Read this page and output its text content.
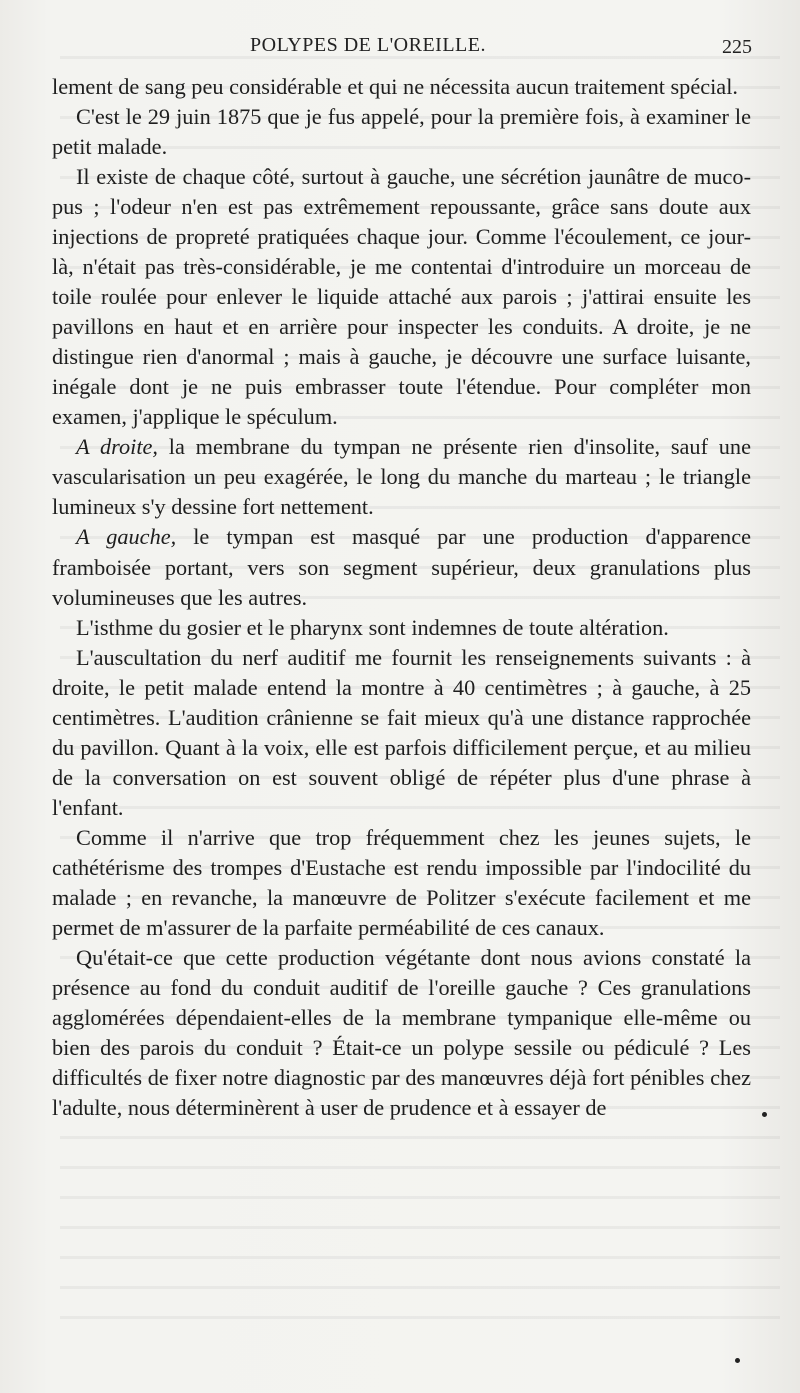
POLYPES DE L'OREILLE.	225

lement de sang peu considérable et qui ne nécessita aucun traitement spécial.

C'est le 29 juin 1875 que je fus appelé, pour la première fois, à examiner le petit malade.

Il existe de chaque côté, surtout à gauche, une sécrétion jaunâtre de muco-pus ; l'odeur n'en est pas extrêmement repoussante, grâce sans doute aux injections de propreté pratiquées chaque jour. Comme l'écoulement, ce jour-là, n'était pas très-considérable, je me contentai d'introduire un morceau de toile roulée pour enlever le liquide attaché aux parois ; j'attirai ensuite les pavillons en haut et en arrière pour inspecter les conduits. A droite, je ne distingue rien d'anormal ; mais à gauche, je découvre une surface luisante, inégale dont je ne puis embrasser toute l'étendue. Pour compléter mon examen, j'applique le spéculum.

A droite, la membrane du tympan ne présente rien d'insolite, sauf une vascularisation un peu exagérée, le long du manche du marteau ; le triangle lumineux s'y dessine fort nettement.

A gauche, le tympan est masqué par une production d'apparence framboisée portant, vers son segment supérieur, deux granulations plus volumineuses que les autres.

L'isthme du gosier et le pharynx sont indemnes de toute altération.

L'auscultation du nerf auditif me fournit les renseignements suivants : à droite, le petit malade entend la montre à 40 centimètres ; à gauche, à 25 centimètres. L'audition crânienne se fait mieux qu'à une distance rapprochée du pavillon. Quant à la voix, elle est parfois difficilement perçue, et au milieu de la conversation on est souvent obligé de répéter plus d'une phrase à l'enfant.

Comme il n'arrive que trop fréquemment chez les jeunes sujets, le cathétérisme des trompes d'Eustache est rendu impossible par l'indocilité du malade ; en revanche, la manœuvre de Politzer s'exécute facilement et me permet de m'assurer de la parfaite perméabilité de ces canaux.

Qu'était-ce que cette production végétante dont nous avions constaté la présence au fond du conduit auditif de l'oreille gauche ? Ces granulations agglomérées dépendaient-elles de la membrane tympanique elle-même ou bien des parois du conduit ? Était-ce un polype sessile ou pédiculé ? Les difficultés de fixer notre diagnostic par des manœuvres déjà fort pénibles chez l'adulte, nous déterminèrent à user de prudence et à essayer de
